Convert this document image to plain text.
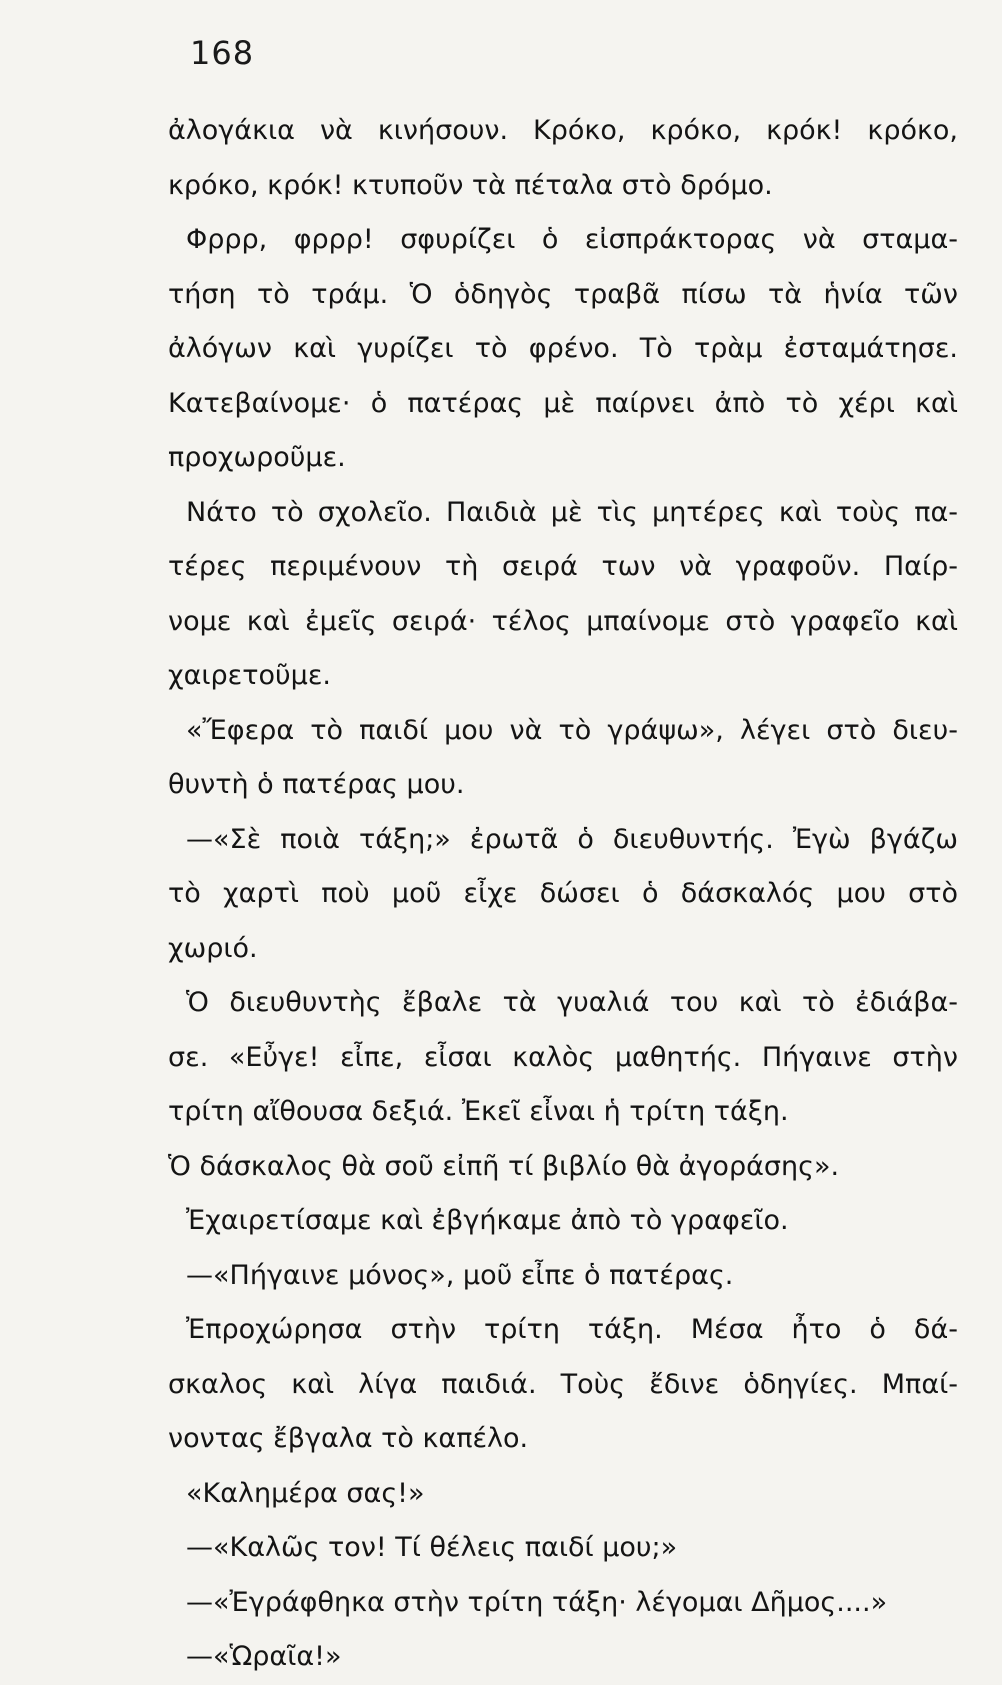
168
ἀλογάκια νὰ κινήσουν. Κρόκο, κρόκο, κρόκ! κρόκο,
κρόκο, κρόκ! κτυποῦν τὰ πέταλα στὸ δρόμο.
Φρρρ, φρρρ! σφυρίζει ὁ εἰσπράκτορας νὰ σταμα-
τήση τὸ τράμ. Ὁ ὁδηγὸς τραβᾶ πίσω τὰ ἡνία τῶν
ἀλόγων καὶ γυρίζει τὸ φρένο. Τὸ τρὰμ ἐσταμάτησε.
Κατεβαίνομε· ὁ πατέρας μὲ παίρνει ἀπὸ τὸ χέρι καὶ
προχωροῦμε.
Νάτο τὸ σχολεῖο. Παιδιὰ μὲ τὶς μητέρες καὶ τοὺς πα-
τέρες περιμένουν τὴ σειρά των νὰ γραφοῦν. Παίρ-
νομε καὶ ἐμεῖς σειρά· τέλος μπαίνομε στὸ γραφεῖο καὶ
χαιρετοῦμε.
«Ἔφερα τὸ παιδί μου νὰ τὸ γράψω», λέγει στὸ διευ-
θυντὴ ὁ πατέρας μου.
—«Σὲ ποιὰ τάξη;» ἐρωτᾶ ὁ διευθυντής. Ἐγὼ βγάζω
τὸ χαρτὶ ποὺ μοῦ εἶχε δώσει ὁ δάσκαλός μου στὸ
χωριό.
Ὁ διευθυντὴς ἔβαλε τὰ γυαλιά του καὶ τὸ ἐδιάβα-
σε. «Εὖγε! εἶπε, εἶσαι καλὸς μαθητής. Πήγαινε στὴν
τρίτη αἴθουσα δεξιά. Ἐκεῖ εἶναι ἡ τρίτη τάξη.
Ὁ δάσκαλος θὰ σοῦ εἰπῆ τί βιβλίο θὰ ἀγοράσης».
Ἐχαιρετίσαμε καὶ ἐβγήκαμε ἀπὸ τὸ γραφεῖο.
—«Πήγαινε μόνος», μοῦ εἶπε ὁ πατέρας.
Ἐπροχώρησα στὴν τρίτη τάξη. Μέσα ἦτο ὁ δά-
σκαλος καὶ λίγα παιδιά. Τοὺς ἔδινε ὁδηγίες. Μπαί-
νοντας ἔβγαλα τὸ καπέλο.
«Καλημέρα σας!»
—«Καλῶς τον! Τί θέλεις παιδί μου;»
—«Ἐγράφθηκα στὴν τρίτη τάξη· λέγομαι Δῆμος....»
—«Ὡραῖα!»
